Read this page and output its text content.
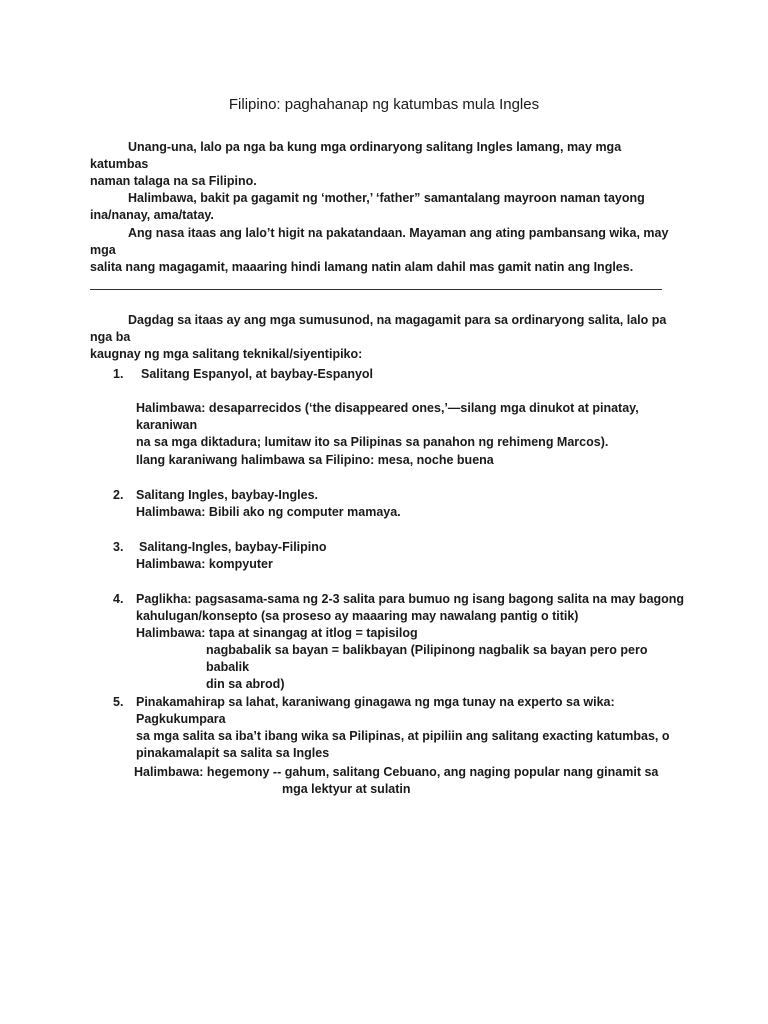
Filipino: paghahanap ng katumbas mula Ingles
Unang-una, lalo pa nga ba kung mga ordinaryong salitang Ingles lamang, may mga katumbas
naman talaga na sa Filipino.
Halimbawa, bakit pa gagamit ng ‘mother,’ ‘father” samantalang mayroon naman tayong
ina/nanay, ama/tatay.
Ang nasa itaas ang lalo’t higit na pakatandaan. Mayaman ang ating pambansang wika, may mga
salita nang magagamit, maaaring hindi lamang natin alam dahil mas gamit natin ang Ingles.
Dagdag sa itaas ay ang mga sumusunod, na magagamit para sa ordinaryong salita, lalo pa nga ba
kaugnay ng mga salitang teknikal/siyentipiko:
1.	Salitang Espanyol, at baybay-Espanyol
Halimbawa: desaparrecidos (‘the disappeared ones,’—silang mga dinukot at pinatay, karaniwan
na sa mga diktadura; lumitaw ito sa Pilipinas sa panahon ng rehimeng Marcos).
Ilang karaniwang halimbawa sa Filipino: mesa, noche buena
2.	Salitang Ingles, baybay-Ingles.
Halimbawa: Bibili ako ng computer mamaya.
3.	Salitang-Ingles, baybay-Filipino
Halimbawa: kompyuter
4.	Paglikha: pagsasama-sama ng 2-3 salita para bumuo ng isang bagong salita na may bagong
kahulugan/konsepto (sa proseso ay maaaring may nawalang pantig o titik)
Halimbawa: tapa at sinangag at itlog = tapisilog
nagbabalik sa bayan = balikbayan (Pilipinong nagbalik sa bayan pero pero babalik
din sa abrod)
5.	Pinakamahirap sa lahat, karaniwang ginagawa ng mga tunay na experto sa wika: Pagkukumpara
sa mga salita sa iba’t ibang wika sa Pilipinas, at pipiliin ang salitang exacting katumbas, o
pinakamalapit sa salita sa Ingles
Halimbawa: hegemony -- gahum, salitang Cebuano, ang naging popular nang ginamit sa
mga lektyur at sulatin
